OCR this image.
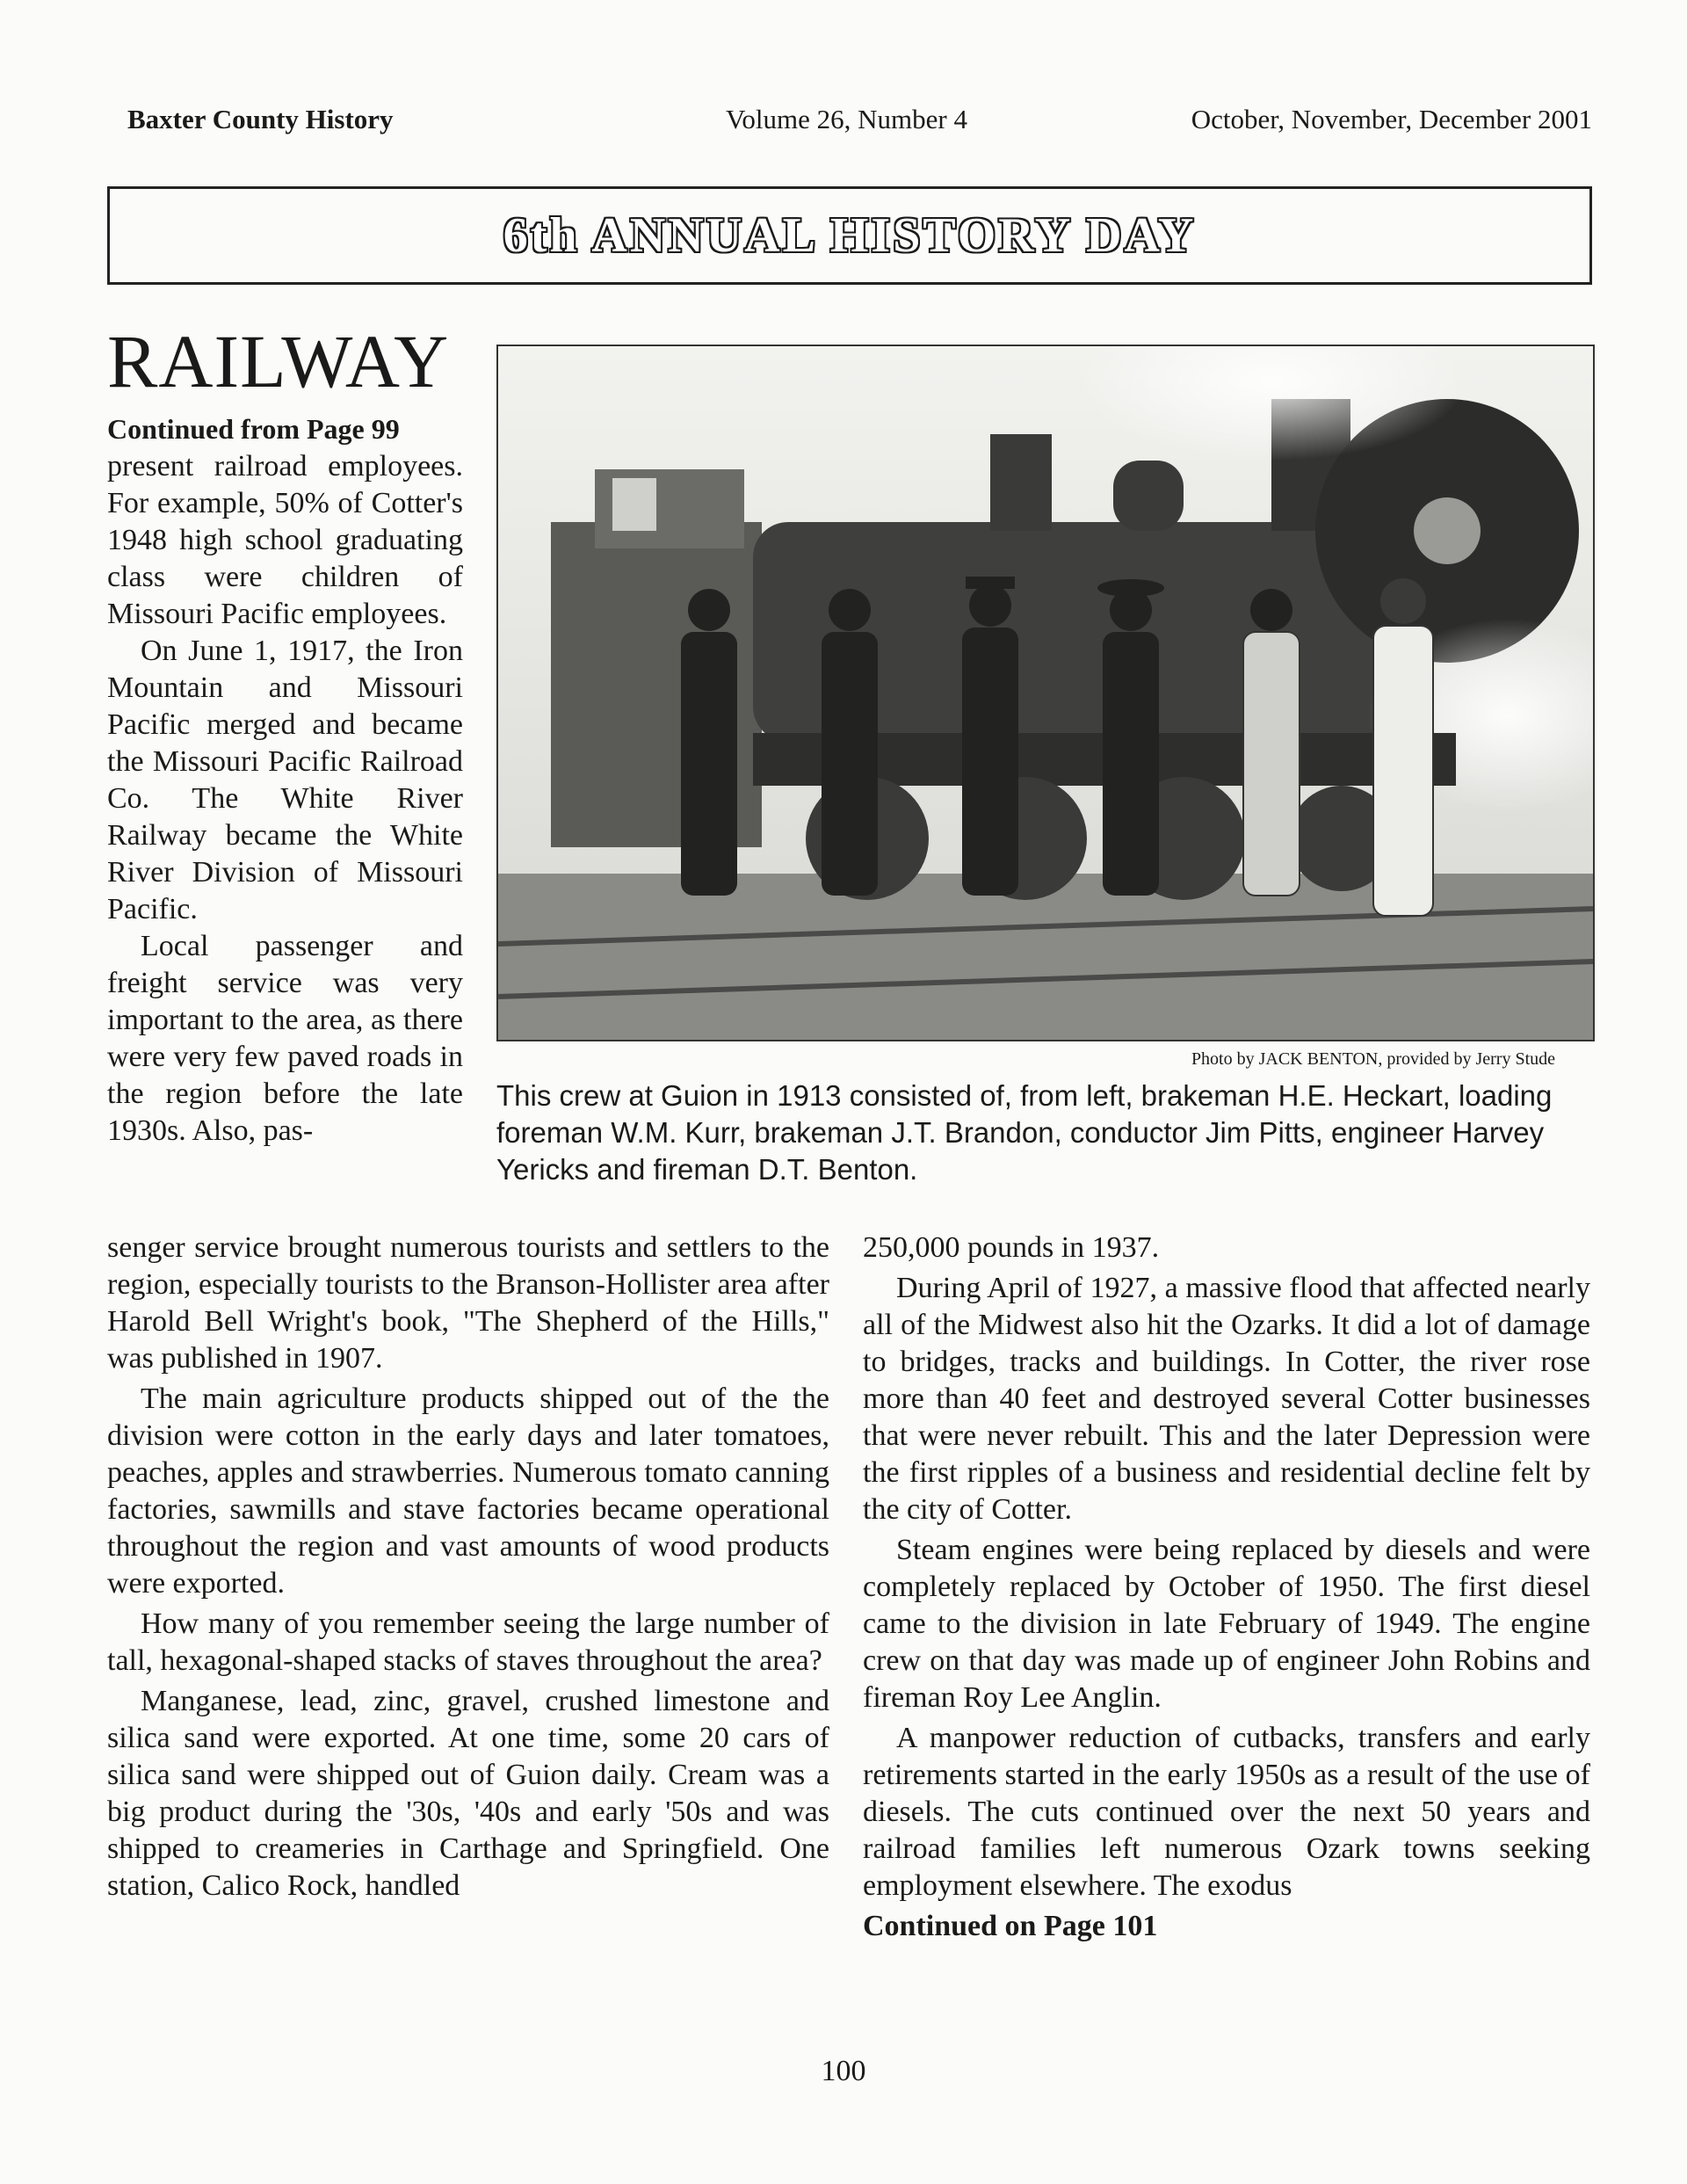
Baxter County History	Volume 26, Number 4	October, November, December 2001
6th ANNUAL HISTORY DAY
RAILWAY
Continued from Page 99

present railroad employees. For example, 50% of Cotter's 1948 high school graduating class were children of Missouri Pacific employees.

On June 1, 1917, the Iron Mountain and Missouri Pacific merged and became the Missouri Pacific Railroad Co. The White River Railway became the White River Division of Missouri Pacific.

Local passenger and freight service was very important to the area, as there were very few paved roads in the region before the late 1930s. Also, pas-

Photo by JACK BENTON, provided by Jerry Stude
This crew at Guion in 1913 consisted of, from left, brakeman H.E. Heckart, loading foreman W.M. Kurr, brakeman J.T. Brandon, conductor Jim Pitts, engineer Harvey Yericks and fireman D.T. Benton.

senger service brought numerous tourists and settlers to the region, especially tourists to the Branson-Hollister area after Harold Bell Wright's book, "The Shepherd of the Hills," was published in 1907.

The main agriculture products shipped out of the the division were cotton in the early days and later tomatoes, peaches, apples and strawberries. Numerous tomato canning factories, sawmills and stave factories became operational throughout the region and vast amounts of wood products were exported.

How many of you remember seeing the large number of tall, hexagonal-shaped stacks of staves throughout the area?

Manganese, lead, zinc, gravel, crushed limestone and silica sand were exported. At one time, some 20 cars of silica sand were shipped out of Guion daily. Cream was a big product during the '30s, '40s and early '50s and was shipped to creameries in Carthage and Springfield. One station, Calico Rock, handled

250,000 pounds in 1937.

During April of 1927, a massive flood that affected nearly all of the Midwest also hit the Ozarks. It did a lot of damage to bridges, tracks and buildings. In Cotter, the river rose more than 40 feet and destroyed several Cotter businesses that were never rebuilt. This and the later Depression were the first ripples of a business and residential decline felt by the city of Cotter.

Steam engines were being replaced by diesels and were completely replaced by October of 1950. The first diesel came to the division in late February of 1949. The engine crew on that day was made up of engineer John Robins and fireman Roy Lee Anglin.

A manpower reduction of cutbacks, transfers and early retirements started in the early 1950s as a result of the use of diesels. The cuts continued over the next 50 years and railroad families left numerous Ozark towns seeking employment elsewhere. The exodus

Continued on Page 101

100
